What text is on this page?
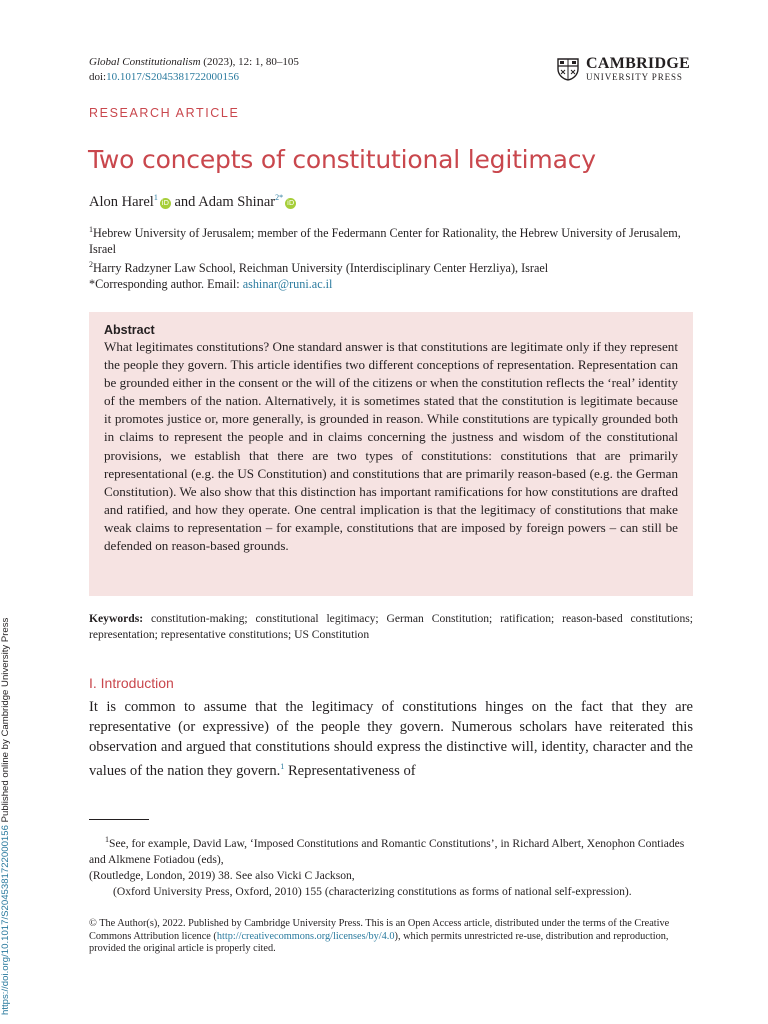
Global Constitutionalism (2023), 12: 1, 80–105
doi:10.1017/S2045381722000156
CAMBRIDGE
UNIVERSITY PRESS
RESEARCH ARTICLE
Two concepts of constitutional legitimacy
Alon Harel$^1$iD and Adam Shinar$^{2*}$iD

$^1$Hebrew University of Jerusalem; member of the Federmann Center for Rationality, the Hebrew University of Jerusalem, Israel

$^2$Harry Radzyner Law School, Reichman University (Interdisciplinary Center Herzliya), Israel

*Corresponding author. Email: ashinar@runi.ac.il

Abstract

What legitimates constitutions? One standard answer is that constitutions are legitimate only if they represent the people they govern. This article identifies two different conceptions of representation. Representation can be grounded either in the consent or the will of the citizens or when the constitution reflects the ‘real’ identity of the members of the nation. Alternatively, it is sometimes stated that the constitution is legitimate because it promotes justice or, more generally, is grounded in reason. While constitutions are typically grounded both in claims to represent the people and in claims concerning the justness and wisdom of the constitutional provisions, we establish that there are two types of constitutions: constitutions that are primarily representational (e.g. the US Constitution) and constitutions that are primarily reason-based (e.g. the German Constitution). We also show that this distinction has important ramifications for how constitutions are drafted and ratified, and how they operate. One central implication is that the legitimacy of constitutions that make weak claims to representation – for example, constitutions that are imposed by foreign powers – can still be defended on reason-based grounds.

Keywords: constitution-making; constitutional legitimacy; German Constitution; ratification; reason-based constitutions; representation; representative constitutions; US Constitution
I. Introduction

It is common to assume that the legitimacy of constitutions hinges on the fact that they are representative (or expressive) of the people they govern. Numerous scholars have reiterated this observation and argued that constitutions should express the distinctive will, identity, character and the values of the nation they govern.$^1$ Representativeness of

$^1$See, for example, David Law, ‘Imposed Constitutions and Romantic Constitutions’, in Richard Albert, Xenophon Contiades and Alkmene Fotiadou (eds),

(Routledge, London, 2019) 38. See also Vicki C Jackson,

(Oxford University Press, Oxford, 2010) 155 (characterizing constitutions as forms of national self-expression).

© The Author(s), 2022. Published by Cambridge University Press. This is an Open Access article, distributed under the terms of the Creative Commons Attribution licence (http://creativecommons.org/licenses/by/4.0), which permits unrestricted re-use, distribution and reproduction, provided the original article is properly cited.
https://doi.org/10.1017/S2045381722000156 Published online by Cambridge University Press
